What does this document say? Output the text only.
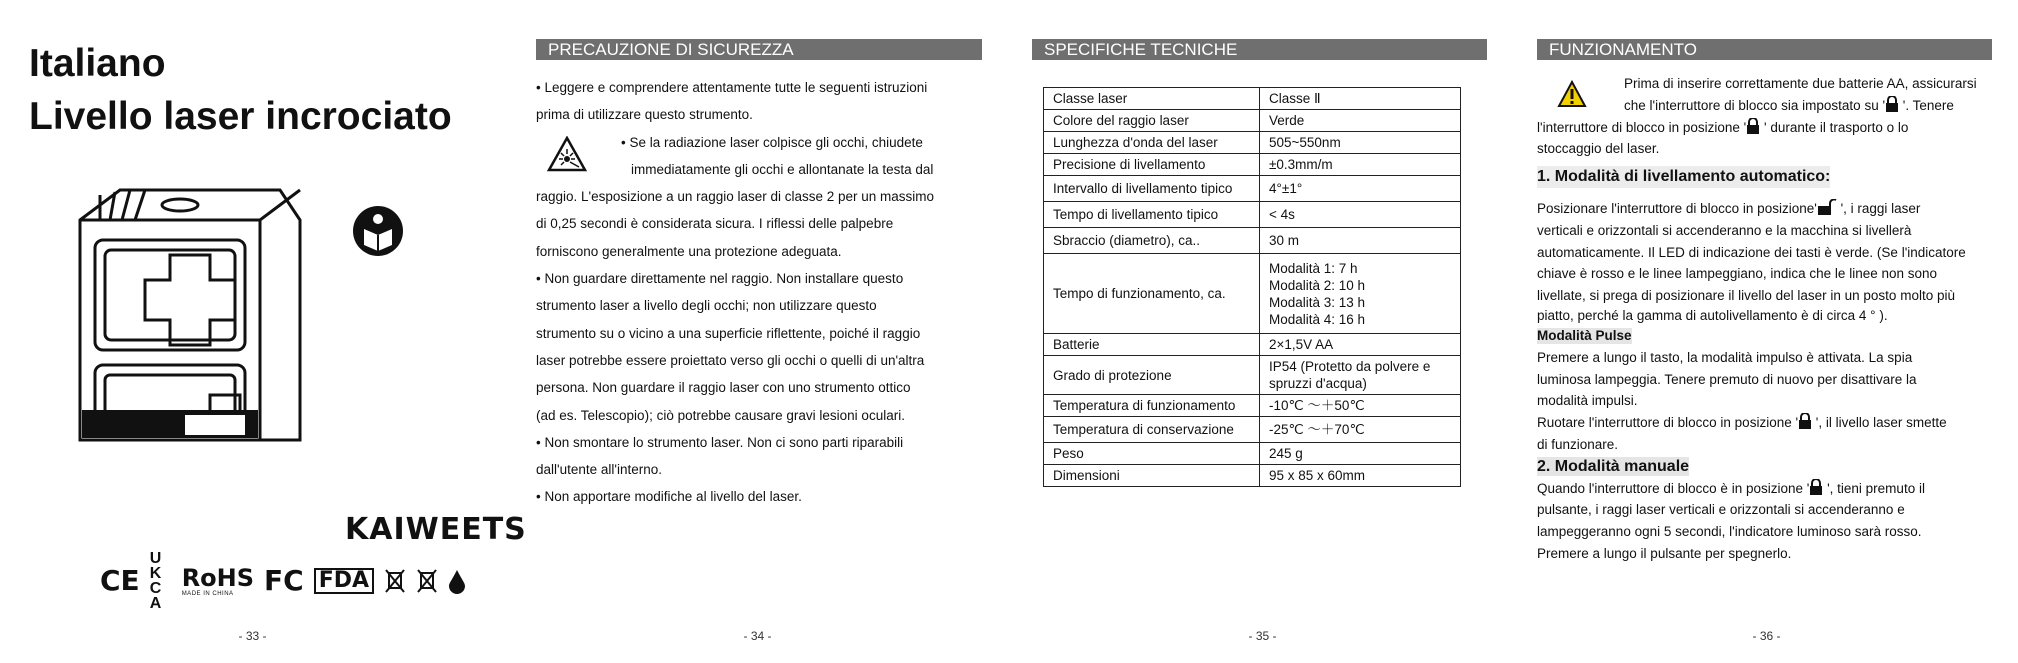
Italiano
Livello laser incrociato
KAIWEETS
CE
UK CA
RoHS
MADE IN CHINA	FC FDA
- 33 -
PRECAUZIONE DI SICUREZZA

• Leggere e comprendere attentamente tutte le seguenti istruzioni

prima di utilizzare questo strumento.

• Se la radiazione laser colpisce gli occhi, chiudete

immediatamente gli occhi e allontanate la testa dal

raggio. L'esposizione a un raggio laser di classe 2 per un massimo

di 0,25 secondi è considerata sicura. I riflessi delle palpebre

forniscono generalmente una protezione adeguata.

• Non guardare direttamente nel raggio. Non installare questo

strumento laser a livello degli occhi; non utilizzare questo

strumento su o vicino a una superficie riflettente, poiché il raggio

laser potrebbe essere proiettato verso gli occhi o quelli di un'altra

persona. Non guardare il raggio laser con uno strumento ottico

(ad es. Telescopio); ciò potrebbe causare gravi lesioni oculari.

• Non smontare lo strumento laser. Non ci sono parti riparabili

dall'utente all'interno.

• Non apportare modifiche al livello del laser.

- 34 -
SPECIFICHE TECNICHE
Classe laser	Classe Ⅱ
Colore del raggio laser	Verde
Lunghezza d'onda del laser	505~550nm
Precisione di livellamento	±0.3mm/m
Intervallo di livellamento tipico	4°±1°
Tempo di livellamento tipico	< 4s
Sbraccio (diametro), ca..	30 m
Tempo di funzionamento, ca.	Modalità 1: 7 h
Modalità 2: 10 h
Modalità 3: 13 h
Modalità 4: 16 h
Batterie	2×1,5V AA
Grado di protezione	IP54 (Protetto da polvere e spruzzi d'acqua)
Temperatura di funzionamento	-10℃ ～＋50℃
Temperatura di conservazione	-25℃ ～＋70℃
Peso	245 g
Dimensioni	95 x 85 x 60mm
- 35 -
FUNZIONAMENTO

Prima di inserire correttamente due batterie AA, assicurarsi

che l'interruttore di blocco sia impostato su ' '. Tenere

l'interruttore di blocco in posizione ' ' durante il trasporto o lo

stoccaggio del laser.

1. Modalità di livellamento automatico:

Posizionare l'interruttore di blocco in posizione' ', i raggi laser

verticali e orizzontali si accenderanno e la macchina si livellerà

automaticamente. Il LED di indicazione dei tasti è verde. (Se l'indicatore

chiave è rosso e le linee lampeggiano, indica che le linee non sono

livellate, si prega di posizionare il livello del laser in un posto molto più

piatto, perché la gamma di autolivellamento è di circa 4 ° ).

Modalità Pulse

Premere a lungo il tasto, la modalità impulso è attivata. La spia

luminosa lampeggia. Tenere premuto di nuovo per disattivare la

modalità impulsi.

Ruotare l'interruttore di blocco in posizione ' ', il livello laser smette

di funzionare.

2. Modalità manuale

Quando l'interruttore di blocco è in posizione ' ', tieni premuto il

pulsante, i raggi laser verticali e orizzontali si accenderanno e

lampeggeranno ogni 5 secondi, l'indicatore luminoso sarà rosso.

Premere a lungo il pulsante per spegnerlo.

- 36 -
